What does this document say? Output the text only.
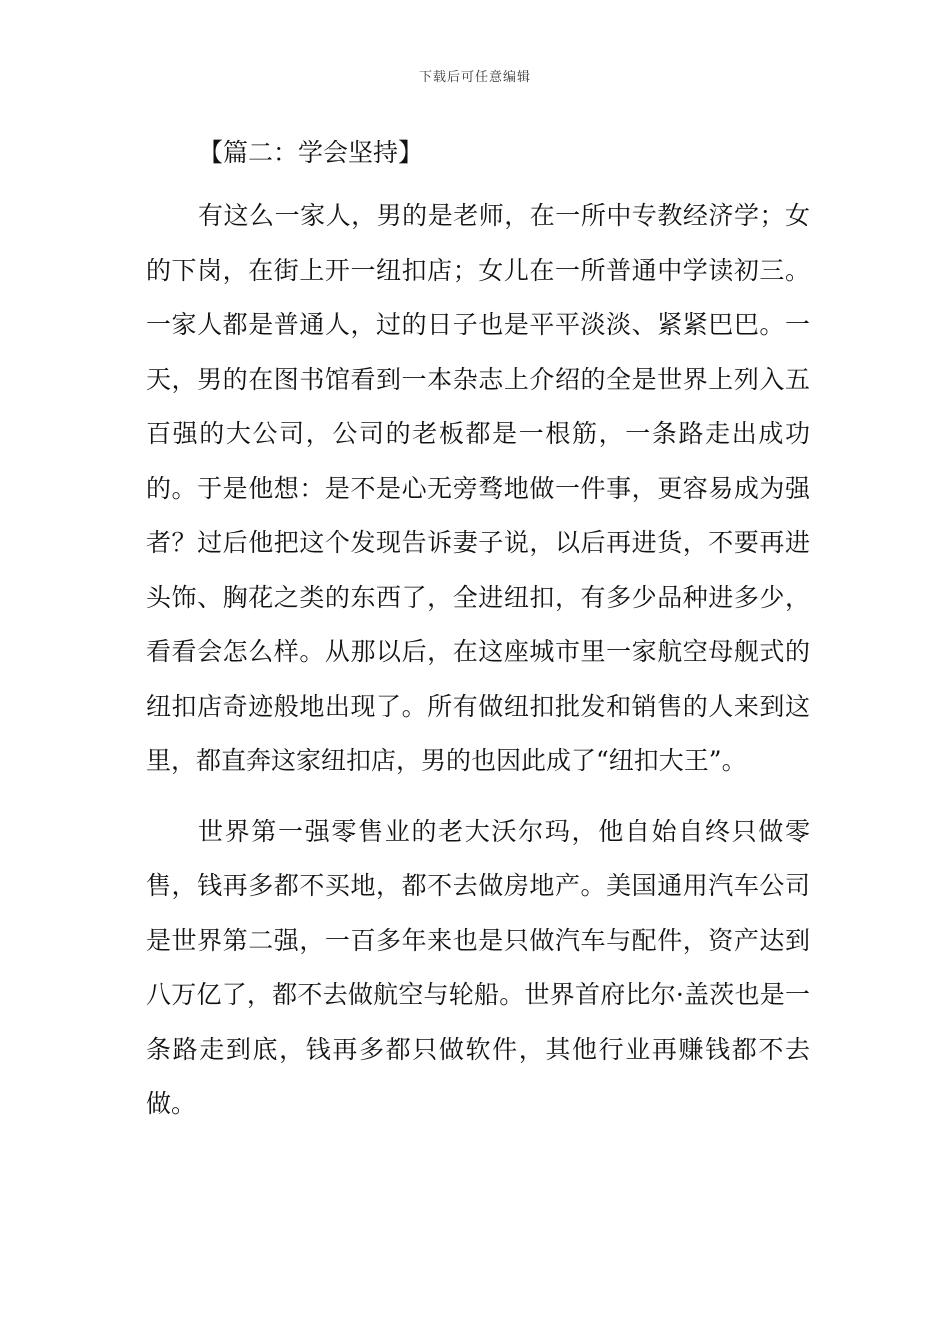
下载后可任意编辑
【篇二：学会坚持】

有这么一家人，男的是老师，在一所中专教经济学；女的下岗，在街上开一纽扣店；女儿在一所普通中学读初三。一家人都是普通人，过的日子也是平平淡淡、紧紧巴巴。一天，男的在图书馆看到一本杂志上介绍的全是世界上列入五百强的大公司，公司的老板都是一根筋，一条路走出成功的。于是他想：是不是心无旁骛地做一件事，更容易成为强者？过后他把这个发现告诉妻子说，以后再进货，不要再进头饰、胸花之类的东西了，全进纽扣，有多少品种进多少，看看会怎么样。从那以后，在这座城市里一家航空母舰式的纽扣店奇迹般地出现了。所有做纽扣批发和销售的人来到这里，都直奔这家纽扣店，男的也因此成了“纽扣大王”。

世界第一强零售业的老大沃尔玛，他自始自终只做零售，钱再多都不买地，都不去做房地产。美国通用汽车公司是世界第二强，一百多年来也是只做汽车与配件，资产达到八万亿了，都不去做航空与轮船。世界首府比尔·盖茨也是一条路走到底，钱再多都只做软件，其他行业再赚钱都不去做。
